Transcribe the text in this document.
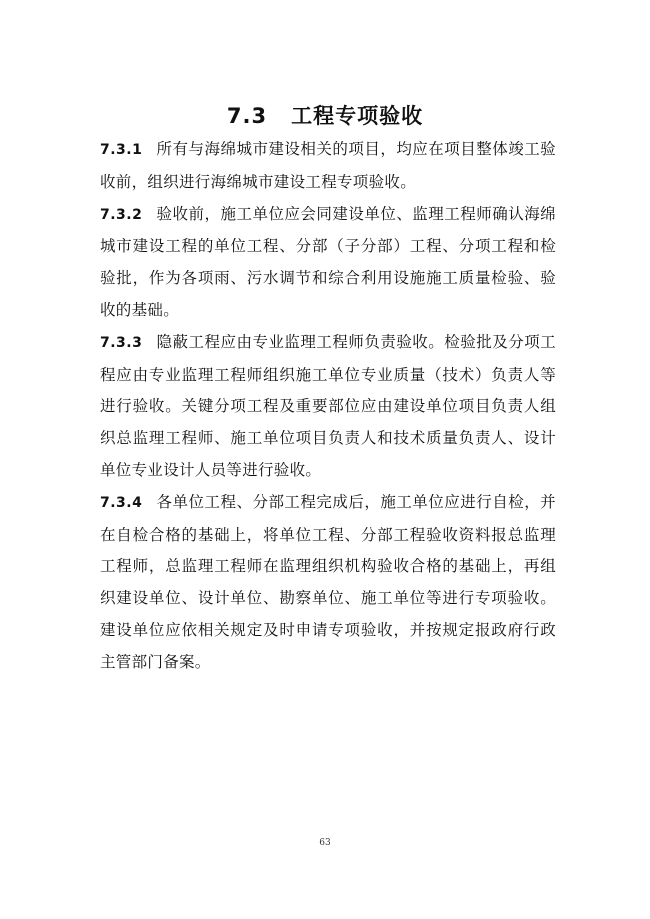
7.3 工程专项验收

7.3.1 所有与海绵城市建设相关的项目，均应在项目整体竣工验收前，组织进行海绵城市建设工程专项验收。

7.3.2 验收前，施工单位应会同建设单位、监理工程师确认海绵城市建设工程的单位工程、分部（子分部）工程、分项工程和检验批，作为各项雨、污水调节和综合利用设施施工质量检验、验收的基础。

7.3.3 隐蔽工程应由专业监理工程师负责验收。检验批及分项工程应由专业监理工程师组织施工单位专业质量（技术）负责人等进行验收。关键分项工程及重要部位应由建设单位项目负责人组织总监理工程师、施工单位项目负责人和技术质量负责人、设计单位专业设计人员等进行验收。

7.3.4 各单位工程、分部工程完成后，施工单位应进行自检，并在自检合格的基础上，将单位工程、分部工程验收资料报总监理工程师，总监理工程师在监理组织机构验收合格的基础上，再组织建设单位、设计单位、勘察单位、施工单位等进行专项验收。建设单位应依相关规定及时申请专项验收，并按规定报政府行政主管部门备案。

63
